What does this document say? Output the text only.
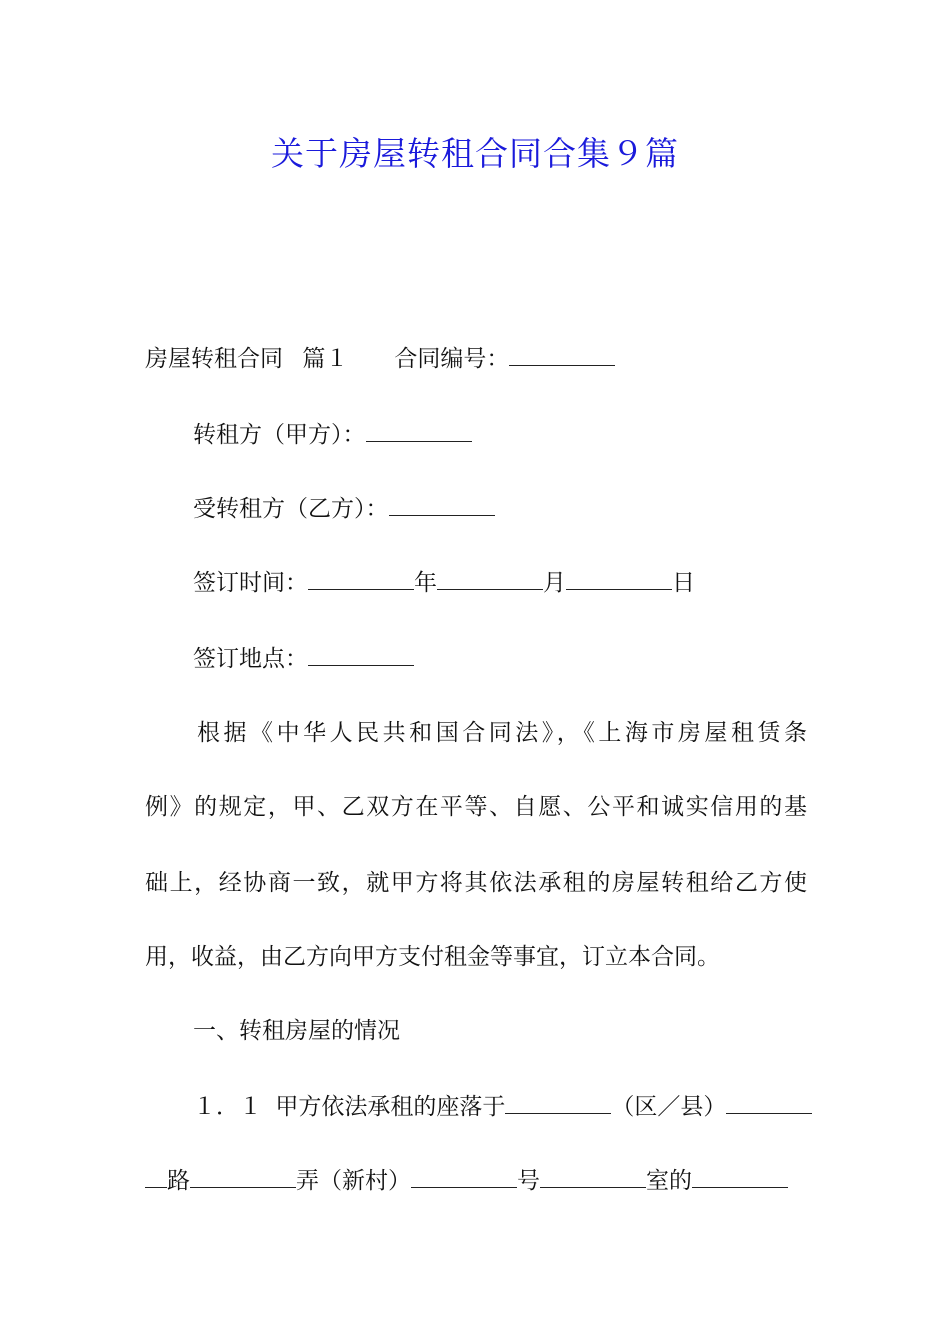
关于房屋转租合同合集９篇
房屋转租合同 篇１ 合同编号：
转租方（甲方）：
受转租方（乙方）：
签订时间：	年	月	日
签订地点：
根据《中华人民共和国合同法》，《上海市房屋租赁条
例》的规定，甲、乙双方在平等、自愿、公平和诚实信用的基
础上，经协商一致，就甲方将其依法承租的房屋转租给乙方使
用，收益，由乙方向甲方支付租金等事宜，订立本合同。
一、转租房屋的情况
１．１ 甲方依法承租的座落于	（区／县）
路	弄（新村）	号	室的
